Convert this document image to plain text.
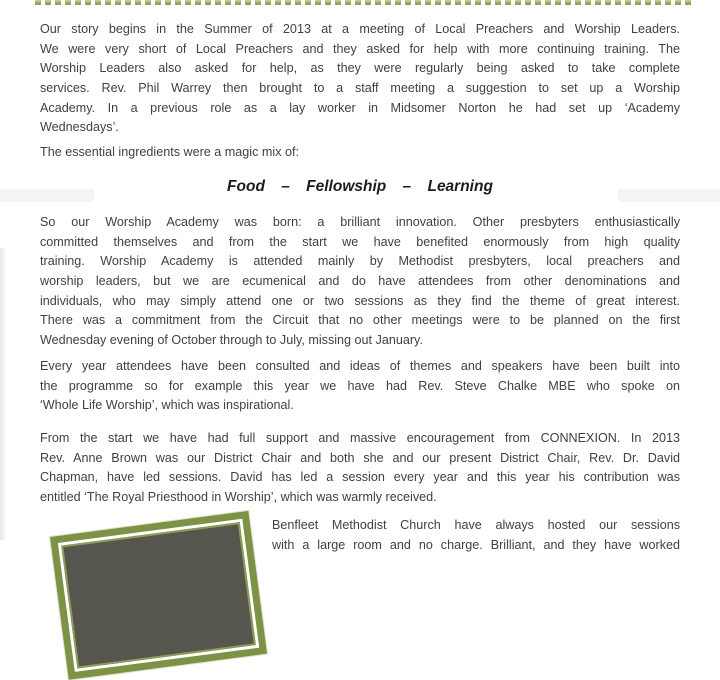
Our story begins in the Summer of 2013 at a meeting of Local Preachers and Worship Leaders.
We were very short of Local Preachers and they asked for help with more continuing training. The
Worship Leaders also asked for help, as they were regularly being asked to take complete
services. Rev. Phil Warrey then brought to a staff meeting a suggestion to set up a Worship
Academy. In a previous role as a lay worker in Midsomer Norton he had set up ‘Academy
Wednesdays’.
The essential ingredients were a magic mix of:
Food – Fellowship – Learning
So our Worship Academy was born: a brilliant innovation. Other presbyters enthusiastically
committed themselves and from the start we have benefited enormously from high quality
training. Worship Academy is attended mainly by Methodist presbyters, local preachers and
worship leaders, but we are ecumenical and do have attendees from other denominations and
individuals, who may simply attend one or two sessions as they find the theme of great interest.
There was a commitment from the Circuit that no other meetings were to be planned on the first
Wednesday evening of October through to July, missing out January.
Every year attendees have been consulted and ideas of themes and speakers have been built into
the programme so for example this year we have had Rev. Steve Chalke MBE who spoke on
‘Whole Life Worship’, which was inspirational.
From the start we have had full support and massive encouragement from CONNEXION. In 2013
Rev. Anne Brown was our District Chair and both she and our present District Chair, Rev. Dr. David
Chapman, have led sessions. David has led a session every year and this year his contribution was
entitled ‘The Royal Priesthood in Worship’, which was warmly received.
Benfleet Methodist Church have always hosted our sessions
with a large room and no charge. Brilliant, and they have worked
